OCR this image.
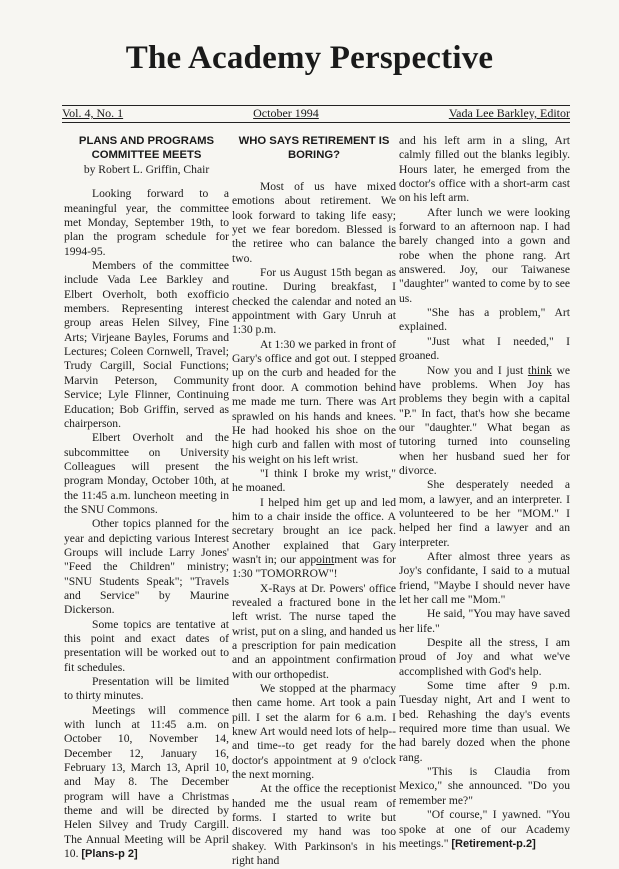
The Academy Perspective
Vol. 4, No. 1	October 1994	Vada Lee Barkley, Editor
PLANS AND PROGRAMS COMMITTEE MEETS
by Robert L. Griffin, Chair

Looking forward to a meaningful year, the committee met Monday, September 19th, to plan the program schedule for 1994-95.

Members of the committee include Vada Lee Barkley and Elbert Overholt, both exofficio members. Representing interest group areas Helen Silvey, Fine Arts; Virjeane Bayles, Forums and Lectures; Coleen Cornwell, Travel; Trudy Cargill, Social Functions; Marvin Peterson, Community Service; Lyle Flinner, Continuing Education; Bob Griffin, served as chairperson.

Elbert Overholt and the subcommittee on University Colleagues will present the program Monday, October 10th, at the 11:45 a.m. luncheon meeting in the SNU Commons.

Other topics planned for the year and depicting various Interest Groups will include Larry Jones' "Feed the Children" ministry; "SNU Students Speak"; "Travels and Service" by Maurine Dickerson.

Some topics are tentative at this point and exact dates of presentation will be worked out to fit schedules.

Presentation will be limited to thirty minutes.

Meetings will commence with lunch at 11:45 a.m. on October 10, November 14, December 12, January 16, February 13, March 13, April 10, and May 8. The December program will have a Christmas theme and will be directed by Helen Silvey and Trudy Cargill. The Annual Meeting will be April 10. [Plans-p 2]

WHO SAYS RETIREMENT IS BORING?

Most of us have mixed emotions about retirement. We look forward to taking life easy; yet we fear boredom. Blessed is the retiree who can balance the two.

For us August 15th began as routine. During breakfast, I checked the calendar and noted an appointment with Gary Unruh at 1:30 p.m.

At 1:30 we parked in front of Gary's office and got out. I stepped up on the curb and headed for the front door. A commotion behind me made me turn. There was Art sprawled on his hands and knees. He had hooked his shoe on the high curb and fallen with most of his weight on his left wrist.

"I think I broke my wrist," he moaned.

I helped him get up and led him to a chair inside the office. A secretary brought an ice pack. Another explained that Gary wasn't in; our appointment was for 1:30 "TOMORROW"!

X-Rays at Dr. Powers' office revealed a fractured bone in the left wrist. The nurse taped the wrist, put on a sling, and handed us a prescription for pain medication and an appointment confirmation with our orthopedist.

We stopped at the pharmacy then came home. Art took a pain pill. I set the alarm for 6 a.m. I knew Art would need lots of help--and time--to get ready for the doctor's appointment at 9 o'clock the next morning.

At the office the receptionist handed me the usual ream of forms. I started to write but discovered my hand was too shakey. With Parkinson's in his right hand

and his left arm in a sling, Art calmly filled out the blanks legibly. Hours later, he emerged from the doctor's office with a short-arm cast on his left arm.

After lunch we were looking forward to an afternoon nap. I had barely changed into a gown and robe when the phone rang. Art answered. Joy, our Taiwanese "daughter" wanted to come by to see us.

"She has a problem," Art explained.

"Just what I needed," I groaned.

Now you and I just think we have problems. When Joy has problems they begin with a capital "P." In fact, that's how she became our "daughter." What began as tutoring turned into counseling when her husband sued her for divorce.

She desperately needed a mom, a lawyer, and an interpreter. I volunteered to be her "MOM." I helped her find a lawyer and an interpreter.

After almost three years as Joy's confidante, I said to a mutual friend, "Maybe I should never have let her call me "Mom."

He said, "You may have saved her life."

Despite all the stress, I am proud of Joy and what we've accomplished with God's help.

Some time after 9 p.m. Tuesday night, Art and I went to bed. Rehashing the day's events required more time than usual. We had barely dozed when the phone rang.

"This is Claudia from Mexico," she announced. "Do you remember me?"

"Of course," I yawned. "You spoke at one of our Academy meetings." [Retirement-p.2]
